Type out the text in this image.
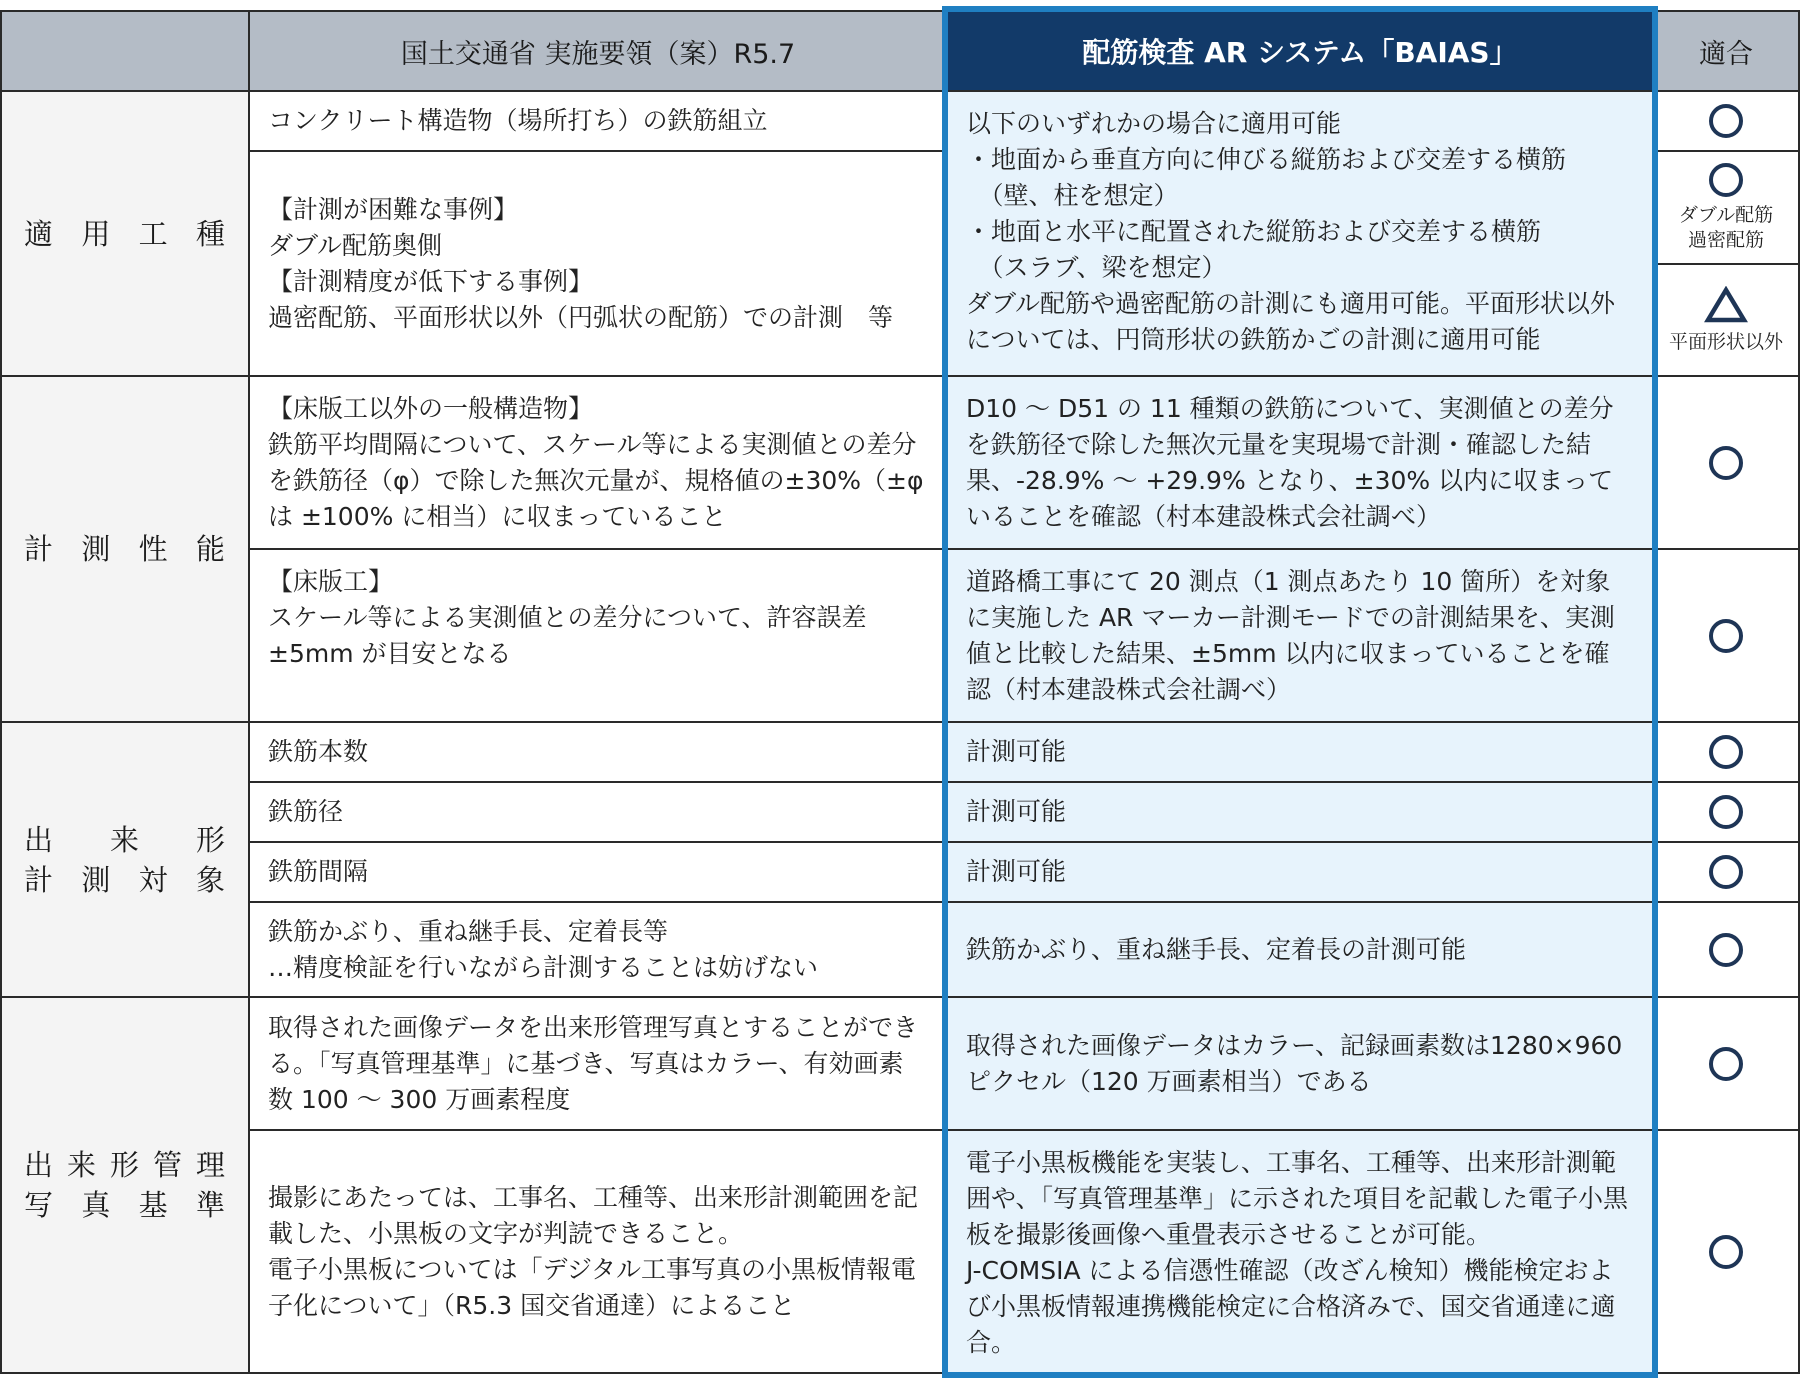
国土交通省 実施要領（案）R5.7	配筋検査 AR システム「BAIAS」	適合
適 用 工 種
計 測 性 能
出 来 形
計 測 対 象
出 来 形 管 理
写 真 基 準
コンクリート構造物（場所打ち）の鉄筋組立
【計測が困難な事例】
ダブル配筋奥側
【計測精度が低下する事例】
過密配筋、平面形状以外（円弧状の配筋）での計測　等
【床版工以外の一般構造物】
鉄筋平均間隔について、スケール等による実測値との差分を鉄筋径（φ）で除した無次元量が、規格値の±30%（±φは ±100% に相当）に収まっていること
【床版工】
スケール等による実測値との差分について、許容誤差±5mm が目安となる
鉄筋本数
鉄筋径
鉄筋間隔
鉄筋かぶり、重ね継手長、定着長等
…精度検証を行いながら計測することは妨げない
取得された画像データを出来形管理写真とすることができる。「写真管理基準」に基づき、写真はカラー、有効画素数 100 ～ 300 万画素程度
撮影にあたっては、工事名、工種等、出来形計測範囲を記載した、小黒板の文字が判読できること。
電子小黒板については「デジタル工事写真の小黒板情報電子化について」（R5.3 国交省通達）によること
以下のいずれかの場合に適用可能
・地面から垂直方向に伸びる縦筋および交差する横筋
　（壁、柱を想定）
・地面と水平に配置された縦筋および交差する横筋
　（スラブ、梁を想定）
ダブル配筋や過密配筋の計測にも適用可能。平面形状以外については、円筒形状の鉄筋かごの計測に適用可能
D10 ～ D51 の 11 種類の鉄筋について、実測値との差分を鉄筋径で除した無次元量を実現場で計測・確認した結果、-28.9% ～ +29.9% となり、±30% 以内に収まっていることを確認（村本建設株式会社調べ）
道路橋工事にて 20 測点（1 測点あたり 10 箇所）を対象に実施した AR マーカー計測モードでの計測結果を、実測値と比較した結果、±5mm 以内に収まっていることを確認（村本建設株式会社調べ）
計測可能
計測可能
計測可能
鉄筋かぶり、重ね継手長、定着長の計測可能
取得された画像データはカラー、記録画素数は1280×960 ピクセル（120 万画素相当）である
電子小黒板機能を実装し、工事名、工種等、出来形計測範囲や、「写真管理基準」に示された項目を記載した電子小黒板を撮影後画像へ重畳表示させることが可能。
J-COMSIA による信憑性確認（改ざん検知）機能検定および小黒板情報連携機能検定に合格済みで、国交省通達に適合。
ダブル配筋
過密配筋
平面形状以外
